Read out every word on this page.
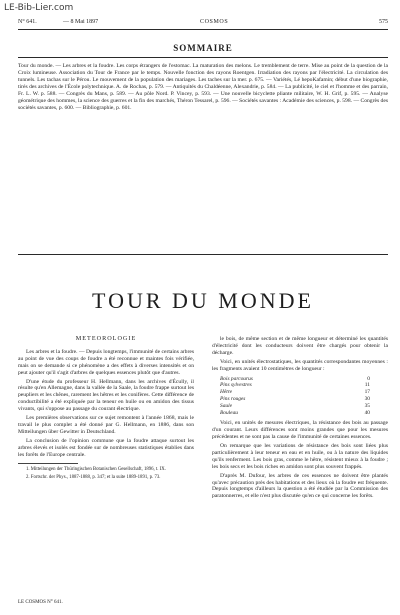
LE-Bib-Lier.com
N° 641.	— 8 Mai 1897	COSMOS	575
SOMMAIRE

Tour du monde. — Les arbres et la foudre. Les corps étrangers de l'estomac. La maturation des melons. Le tremblement de terre. Mise au point de la question de la Croix lumineuse. Association du Tour de France par le temps. Nouvelle fonction des rayons Roentgen. Irradiation des rayons par l'électricité. La circulation des tunnels. Les tachas sur le Pérou. Le mouvement de la population des mariages. Les taches sur la mer. p. 675. — Variétés, Lé hepoKafamin; début d'une biographie, tirés des archives de l'École polytechnique. A. de Rochas, p. 579. — Antiquités du Chaldéenne, Alexandrie, p. 584. — La publicité, le ciel et l'homme et des parrain, Fr. L. W. p. 588. — Congrès du Mans, p. 589. — Au pôle Nord. P. Vincey, p. 593. — Une nouvelle bicyclette pliante militaire, W. H. Grif, p. 595. — Analyse géométrique des hommes, la science des guerres et la fin des marchés, Théron Tessarel, p. 596. — Sociétés savantes : Académie des sciences, p. 598. — Congrès des sociétés savantes, p. 600. — Bibliographie, p. 601.

TOUR DU MONDE

MÉTÉOROLOGIE

Les arbres et la foudre. — Depuis longtemps, l'immunité de certains arbres au point de vue des coups de foudre a été reconnue et maintes fois vérifiée, mais on se demande si ce phénomène a des effets à diverses intensités et on peut ajouter qu'il s'agit d'arbres de quelques essences plutôt que d'autres.

D'une étude du professeur H. Hellmann, dans les archives d'Écully, il résulte qu'en Allemagne, dans la vallée de la Saale, la foudre frappe surtout les peupliers et les chênes, rarement les hêtres et les conifères. Cette différence de conductibilité a été expliquée par la teneur en huile ou en amidon des tissus vivants, qui s'oppose au passage du courant électrique.

Les premières observations sur ce sujet remontent à l'année 1868, mais le travail le plus complet a été donné par G. Hellmann, en 1886, dans son Mitteilungen über Gewitter in Deutschland.

La conclusion de l'opinion commune que la foudre attaque surtout les arbres élevés et isolés est fondée sur de nombreuses statistiques établies dans les forêts de l'Europe centrale.

1. Mitteilungen der Thüringischen Botanischen Gesellschaft, 1896, t. IX.

2. Fortschr. der Phys., 1887-1888, p. 347; et la suite 1889-1891, p. 73.

le bois, de même section et de même longueur et déterminé les quantités d'électricité dont les conducteurs doivent être chargés pour obtenir la décharge.

Voici, en unités électrostatiques, les quantités correspondantes moyennes : les fragments avaient 10 centimètres de longueur :

Bois parcourus	0
Pins sylvestres	11
Hêtre	17
Pins rouges	30
Saule	35
Bouleau	40

Voici, en unités de mesures électriques, la résistance des bois au passage d'un courant. Leurs différences sont moins grandes que pour les mesures précédentes et ne sont pas la cause de l'immunité de certaines essences.

On remarque que les variations de résistance des bois sont liées plus particulièrement à leur teneur en eau et en huile, ou à la nature des liquides qu'ils renferment. Les bois gras, comme le hêtre, résistent mieux à la foudre ; les bois secs et les bois riches en amidon sont plus souvent frappés.

D'après M. Dufour, les arbres de ces essences ne doivent être plantés qu'avec précaution près des habitations et des lieux où la foudre est fréquente. Depuis longtemps d'ailleurs la question a été étudiée par la Commission des paratonnerres, et elle n'est plus discutée qu'en ce qui concerne les forêts.

LE COSMOS N° 641.
